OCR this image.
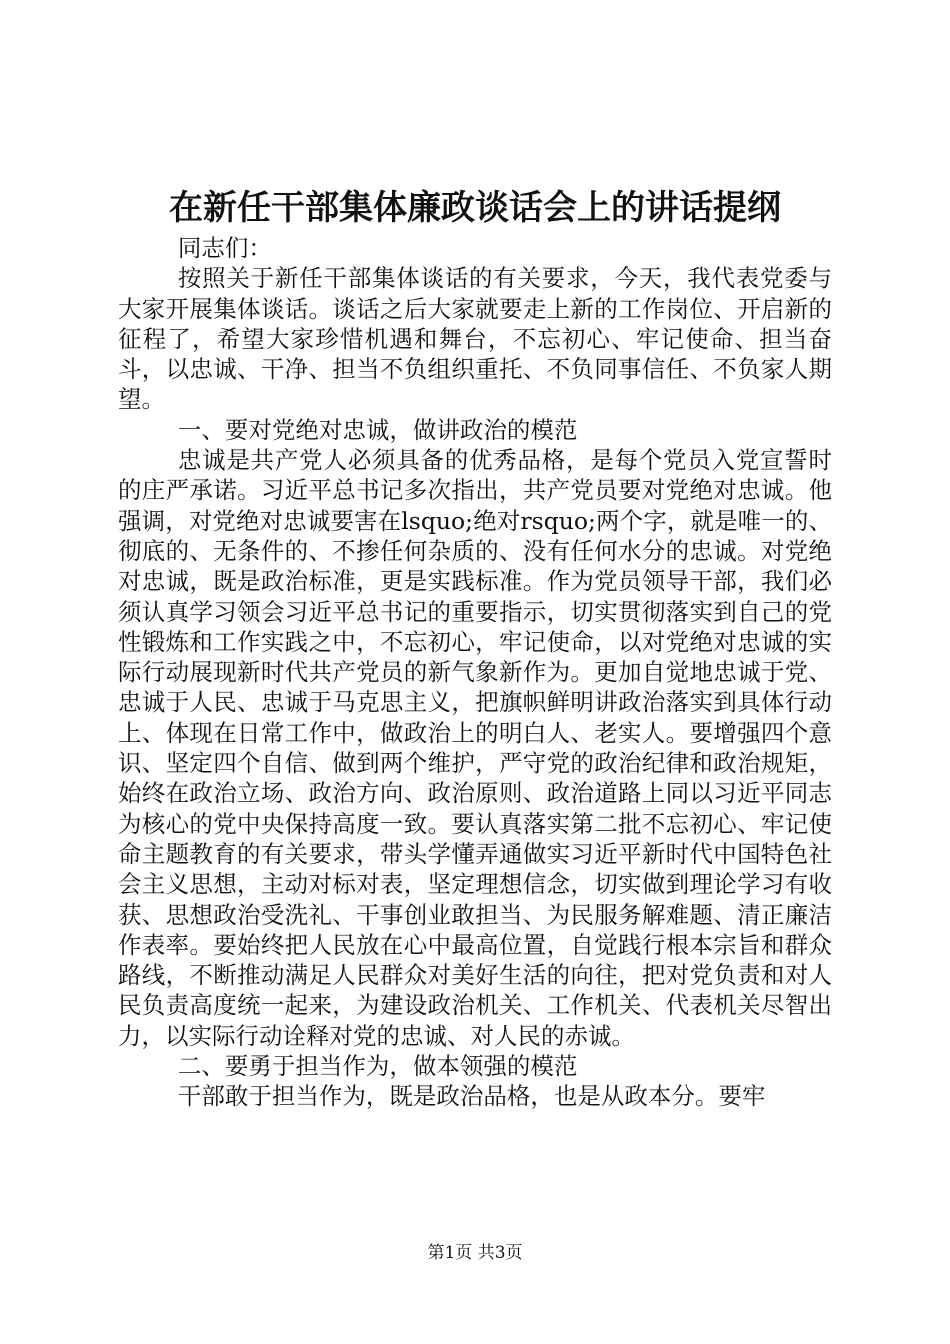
在新任干部集体廉政谈话会上的讲话提纲

同志们：

按照关于新任干部集体谈话的有关要求，今天，我代表党委与大家开展集体谈话。谈话之后大家就要走上新的工作岗位、开启新的征程了，希望大家珍惜机遇和舞台，不忘初心、牢记使命、担当奋斗，以忠诚、干净、担当不负组织重托、不负同事信任、不负家人期望。

一、要对党绝对忠诚，做讲政治的模范

忠诚是共产党人必须具备的优秀品格，是每个党员入党宣誓时的庄严承诺。习近平总书记多次指出，共产党员要对党绝对忠诚。他强调，对党绝对忠诚要害在lsquo;绝对rsquo;两个字，就是唯一的、彻底的、无条件的、不掺任何杂质的、没有任何水分的忠诚。对党绝对忠诚，既是政治标准，更是实践标准。作为党员领导干部，我们必须认真学习领会习近平总书记的重要指示，切实贯彻落实到自己的党性锻炼和工作实践之中，不忘初心，牢记使命，以对党绝对忠诚的实际行动展现新时代共产党员的新气象新作为。更加自觉地忠诚于党、忠诚于人民、忠诚于马克思主义，把旗帜鲜明讲政治落实到具体行动上、体现在日常工作中，做政治上的明白人、老实人。要增强四个意识、坚定四个自信、做到两个维护，严守党的政治纪律和政治规矩，始终在政治立场、政治方向、政治原则、政治道路上同以习近平同志为核心的党中央保持高度一致。要认真落实第二批不忘初心、牢记使命主题教育的有关要求，带头学懂弄通做实习近平新时代中国特色社会主义思想，主动对标对表，坚定理想信念，切实做到理论学习有收获、思想政治受洗礼、干事创业敢担当、为民服务解难题、清正廉洁作表率。要始终把人民放在心中最高位置，自觉践行根本宗旨和群众路线，不断推动满足人民群众对美好生活的向往，把对党负责和对人民负责高度统一起来，为建设政治机关、工作机关、代表机关尽智出力，以实际行动诠释对党的忠诚、对人民的赤诚。

二、要勇于担当作为，做本领强的模范

干部敢于担当作为，既是政治品格，也是从政本分。要牢

第1页 共3页
